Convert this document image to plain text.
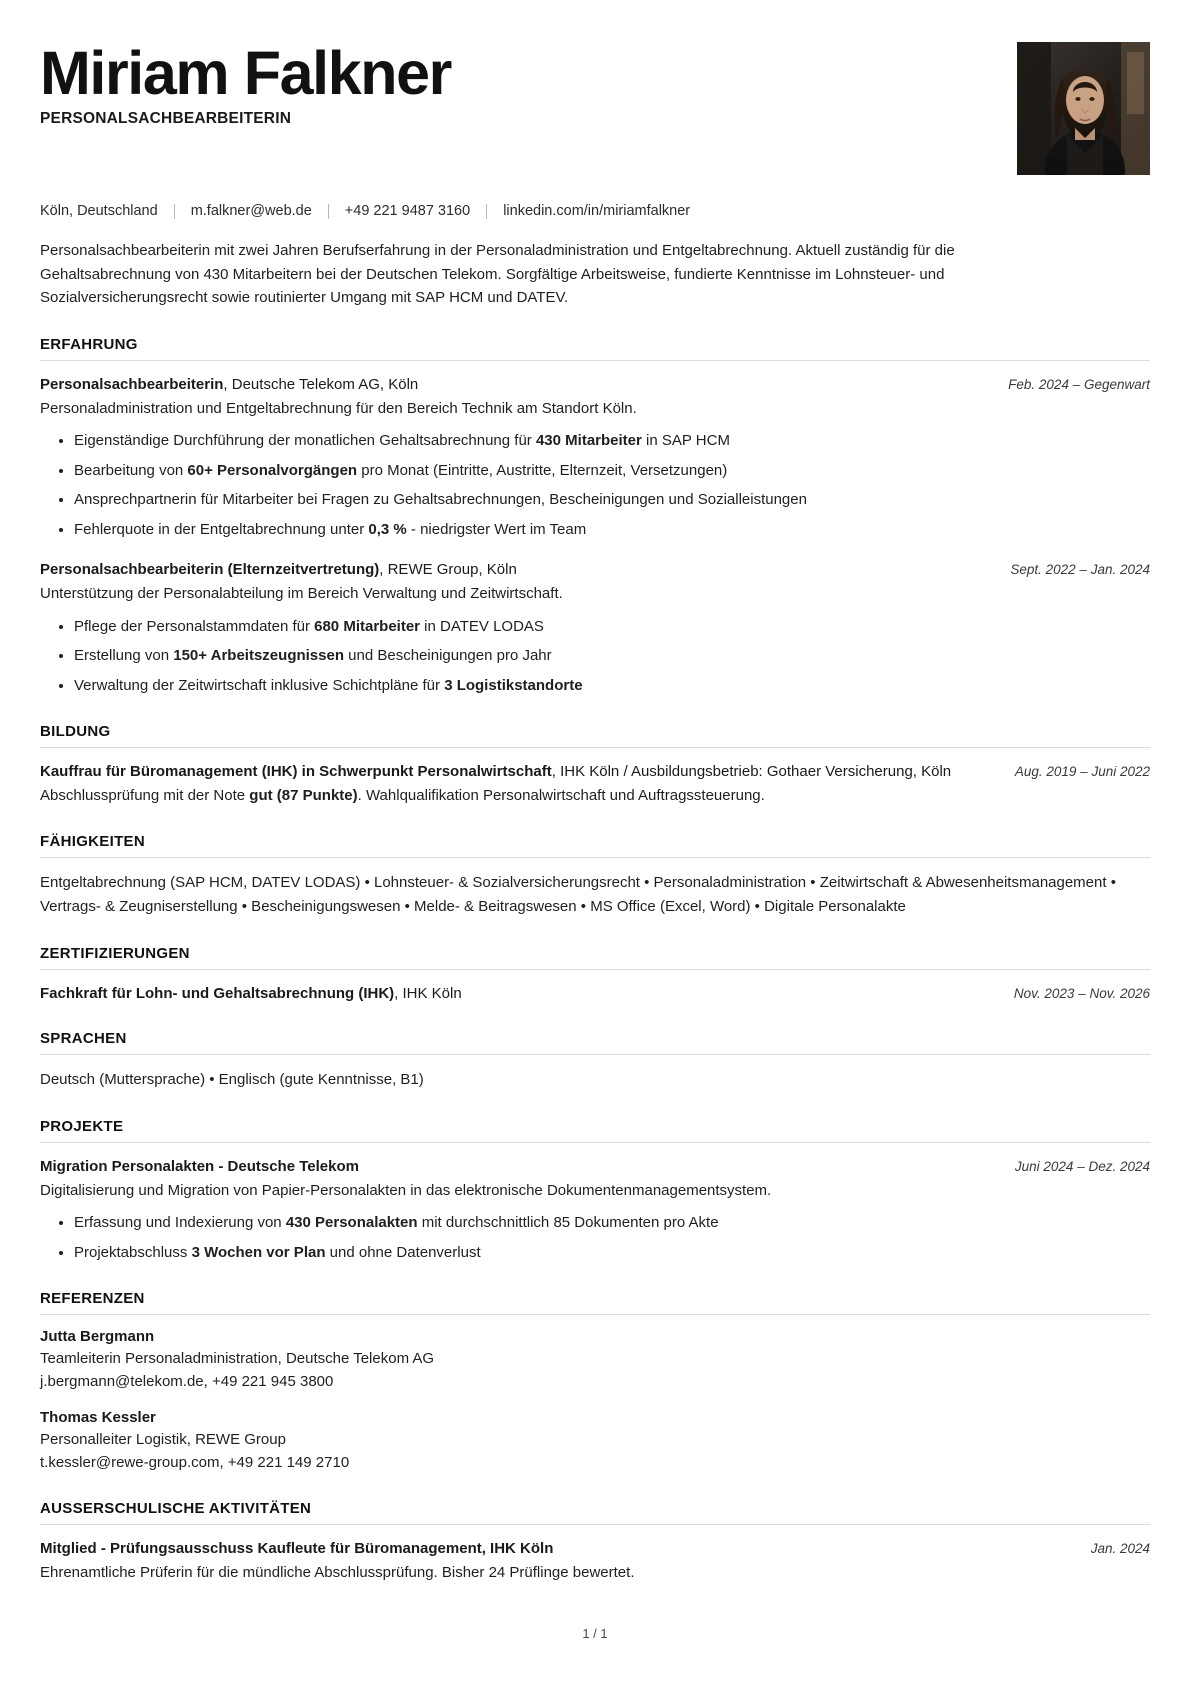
Miriam Falkner
PERSONALSACHBEARBEITERIN
Köln, Deutschland m.falkner@web.de +49 221 9487 3160 linkedin.com/in/miriamfalkner
Personalsachbearbeiterin mit zwei Jahren Berufserfahrung in der Personaladministration und Entgeltabrechnung. Aktuell zuständig für die Gehaltsabrechnung von 430 Mitarbeitern bei der Deutschen Telekom. Sorgfältige Arbeitsweise, fundierte Kenntnisse im Lohnsteuer- und Sozialversicherungsrecht sowie routinierter Umgang mit SAP HCM und DATEV.
ERFAHRUNG
Personalsachbearbeiterin, Deutsche Telekom AG, Köln	Feb. 2024 – Gegenwart
Personaladministration und Entgeltabrechnung für den Bereich Technik am Standort Köln.
Eigenständige Durchführung der monatlichen Gehaltsabrechnung für 430 Mitarbeiter in SAP HCM
Bearbeitung von 60+ Personalvorgängen pro Monat (Eintritte, Austritte, Elternzeit, Versetzungen)
Ansprechpartnerin für Mitarbeiter bei Fragen zu Gehaltsabrechnungen, Bescheinigungen und Sozialleistungen
Fehlerquote in der Entgeltabrechnung unter 0,3 % - niedrigster Wert im Team
Personalsachbearbeiterin (Elternzeitvertretung), REWE Group, Köln	Sept. 2022 – Jan. 2024
Unterstützung der Personalabteilung im Bereich Verwaltung und Zeitwirtschaft.
Pflege der Personalstammdaten für 680 Mitarbeiter in DATEV LODAS
Erstellung von 150+ Arbeitszeugnissen und Bescheinigungen pro Jahr
Verwaltung der Zeitwirtschaft inklusive Schichtpläne für 3 Logistikstandorte
BILDUNG
Kauffrau für Büromanagement (IHK) in Schwerpunkt Personalwirtschaft, IHK Köln / Ausbildungsbetrieb: Gothaer Versicherung, Köln	Aug. 2019 – Juni 2022
Abschlussprüfung mit der Note gut (87 Punkte). Wahlqualifikation Personalwirtschaft und Auftragssteuerung.
FÄHIGKEITEN
Entgeltabrechnung (SAP HCM, DATEV LODAS) • Lohnsteuer- & Sozialversicherungsrecht • Personaladministration • Zeitwirtschaft & Abwesenheitsmanagement • Vertrags- & Zeugniserstellung • Bescheinigungswesen • Melde- & Beitragswesen • MS Office (Excel, Word) • Digitale Personalakte
ZERTIFIZIERUNGEN
Fachkraft für Lohn- und Gehaltsabrechnung (IHK), IHK Köln	Nov. 2023 – Nov. 2026
SPRACHEN
Deutsch (Muttersprache) • Englisch (gute Kenntnisse, B1)
PROJEKTE
Migration Personalakten - Deutsche Telekom	Juni 2024 – Dez. 2024
Digitalisierung und Migration von Papier-Personalakten in das elektronische Dokumentenmanagementsystem.
Erfassung und Indexierung von 430 Personalakten mit durchschnittlich 85 Dokumenten pro Akte
Projektabschluss 3 Wochen vor Plan und ohne Datenverlust
REFERENZEN
Jutta Bergmann
Teamleiterin Personaladministration, Deutsche Telekom AG
j.bergmann@telekom.de, +49 221 945 3800
Thomas Kessler
Personalleiter Logistik, REWE Group
t.kessler@rewe-group.com, +49 221 149 2710
AUSSERSCHULISCHE AKTIVITÄTEN
Mitglied - Prüfungsausschuss Kaufleute für Büromanagement, IHK Köln	Jan. 2024
Ehrenamtliche Prüferin für die mündliche Abschlussprüfung. Bisher 24 Prüflinge bewertet.
1 / 1
